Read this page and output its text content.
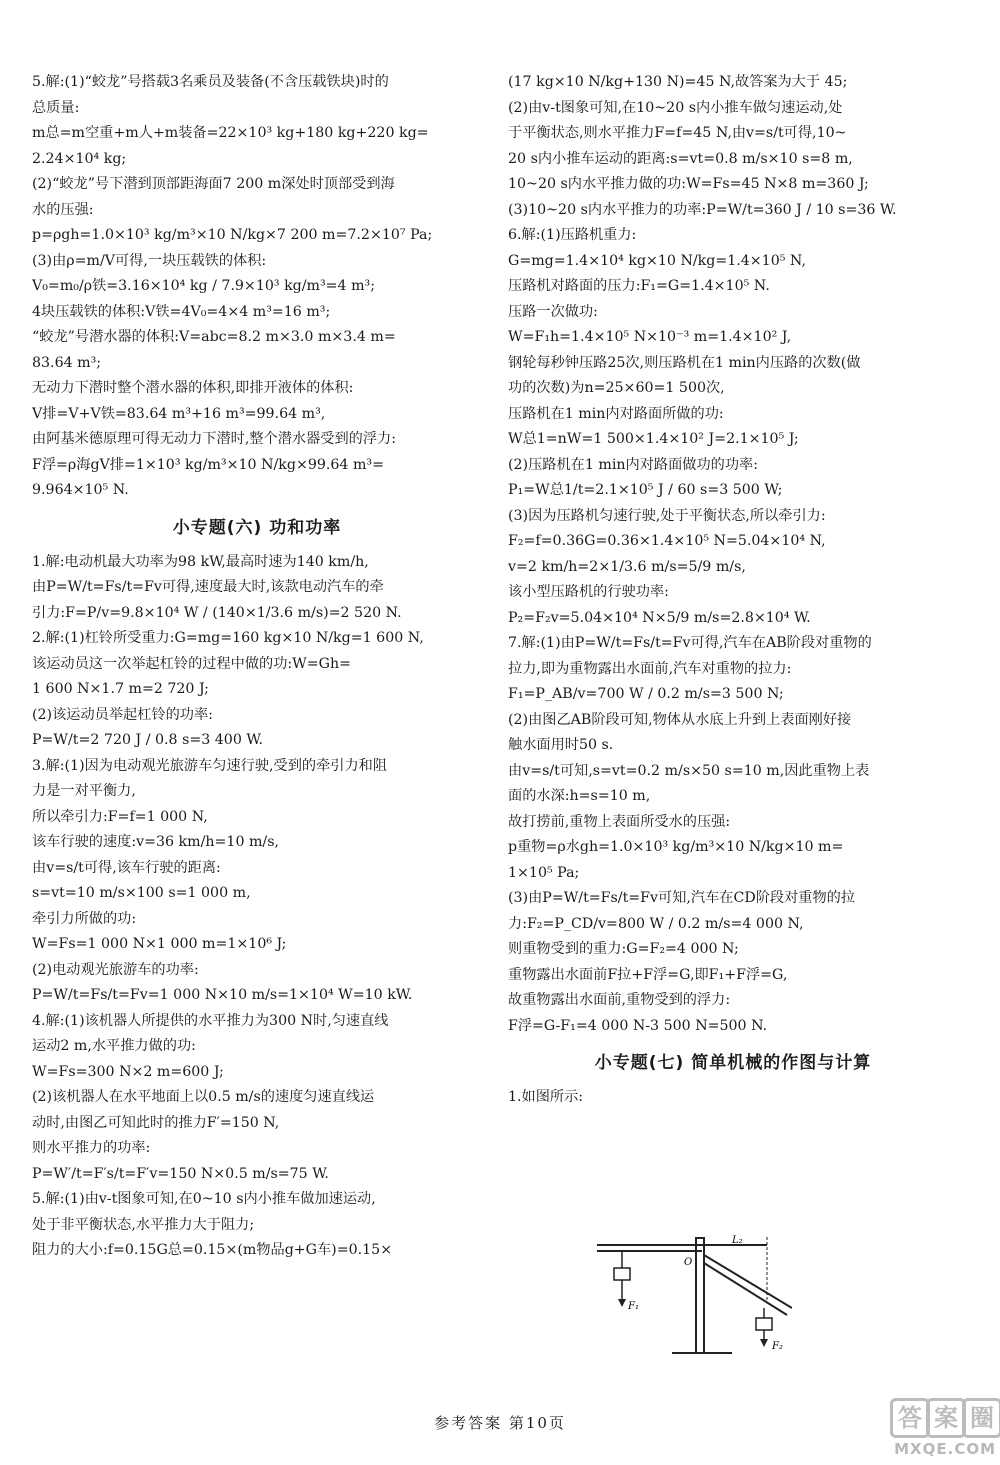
5.解:(1)“蛟龙”号搭载3名乘员及装备(不含压载铁块)时的
总质量:
m总=m空重+m人+m装备=22×10³ kg+180 kg+220 kg=
2.24×10⁴ kg;
(2)“蛟龙”号下潜到顶部距海面7 200 m深处时顶部受到海
水的压强:
p=ρgh=1.0×10³ kg/m³×10 N/kg×7 200 m=7.2×10⁷ Pa;
(3)由ρ=m/V可得,一块压载铁的体积:
V₀=m₀/ρ铁=3.16×10⁴ kg / 7.9×10³ kg/m³=4 m³;
4块压载铁的体积:V铁=4V₀=4×4 m³=16 m³;
“蛟龙”号潜水器的体积:V=abc=8.2 m×3.0 m×3.4 m=
83.64 m³;
无动力下潜时整个潜水器的体积,即排开液体的体积:
V排=V+V铁=83.64 m³+16 m³=99.64 m³,
由阿基米德原理可得无动力下潜时,整个潜水器受到的浮力:
F浮=ρ海gV排=1×10³ kg/m³×10 N/kg×99.64 m³=
9.964×10⁵ N.
小专题(六) 功和功率
1.解:电动机最大功率为98 kW,最高时速为140 km/h,
由P=W/t=Fs/t=Fv可得,速度最大时,该款电动汽车的牵
引力:F=P/v=9.8×10⁴ W / (140×1/3.6 m/s)=2 520 N.
2.解:(1)杠铃所受重力:G=mg=160 kg×10 N/kg=1 600 N,
该运动员这一次举起杠铃的过程中做的功:W=Gh=
1 600 N×1.7 m=2 720 J;
(2)该运动员举起杠铃的功率:
P=W/t=2 720 J / 0.8 s=3 400 W.
3.解:(1)因为电动观光旅游车匀速行驶,受到的牵引力和阻
力是一对平衡力,
所以牵引力:F=f=1 000 N,
该车行驶的速度:v=36 km/h=10 m/s,
由v=s/t可得,该车行驶的距离:
s=vt=10 m/s×100 s=1 000 m,
牵引力所做的功:
W=Fs=1 000 N×1 000 m=1×10⁶ J;
(2)电动观光旅游车的功率:
P=W/t=Fs/t=Fv=1 000 N×10 m/s=1×10⁴ W=10 kW.
4.解:(1)该机器人所提供的水平推力为300 N时,匀速直线
运动2 m,水平推力做的功:
W=Fs=300 N×2 m=600 J;
(2)该机器人在水平地面上以0.5 m/s的速度匀速直线运
动时,由图乙可知此时的推力F′=150 N,
则水平推力的功率:
P=W′/t=F′s/t=F′v=150 N×0.5 m/s=75 W.
5.解:(1)由v-t图象可知,在0~10 s内小推车做加速运动,
处于非平衡状态,水平推力大于阻力;
阻力的大小:f=0.15G总=0.15×(m物品g+G车)=0.15×
(17 kg×10 N/kg+130 N)=45 N,故答案为大于 45;
(2)由v-t图象可知,在10~20 s内小推车做匀速运动,处
于平衡状态,则水平推力F=f=45 N,由v=s/t可得,10~
20 s内小推车运动的距离:s=vt=0.8 m/s×10 s=8 m,
10~20 s内水平推力做的功:W=Fs=45 N×8 m=360 J;
(3)10~20 s内水平推力的功率:P=W/t=360 J / 10 s=36 W.
6.解:(1)压路机重力:
G=mg=1.4×10⁴ kg×10 N/kg=1.4×10⁵ N,
压路机对路面的压力:F₁=G=1.4×10⁵ N.
压路一次做功:
W=F₁h=1.4×10⁵ N×10⁻³ m=1.4×10² J,
钢轮每秒钟压路25次,则压路机在1 min内压路的次数(做
功的次数)为n=25×60=1 500次,
压路机在1 min内对路面所做的功:
W总1=nW=1 500×1.4×10² J=2.1×10⁵ J;
(2)压路机在1 min内对路面做功的功率:
P₁=W总1/t=2.1×10⁵ J / 60 s=3 500 W;
(3)因为压路机匀速行驶,处于平衡状态,所以牵引力:
F₂=f=0.36G=0.36×1.4×10⁵ N=5.04×10⁴ N,
v=2 km/h=2×1/3.6 m/s=5/9 m/s,
该小型压路机的行驶功率:
P₂=F₂v=5.04×10⁴ N×5/9 m/s=2.8×10⁴ W.
7.解:(1)由P=W/t=Fs/t=Fv可得,汽车在AB阶段对重物的
拉力,即为重物露出水面前,汽车对重物的拉力:
F₁=P_AB/v=700 W / 0.2 m/s=3 500 N;
(2)由图乙AB阶段可知,物体从水底上升到上表面刚好接
触水面用时50 s.
由v=s/t可知,s=vt=0.2 m/s×50 s=10 m,因此重物上表
面的水深:h=s=10 m,
故打捞前,重物上表面所受水的压强:
p重物=ρ水gh=1.0×10³ kg/m³×10 N/kg×10 m=
1×10⁵ Pa;
(3)由P=W/t=Fs/t=Fv可知,汽车在CD阶段对重物的拉
力:F₂=P_CD/v=800 W / 0.2 m/s=4 000 N,
则重物受到的重力:G=F₂=4 000 N;
重物露出水面前F拉+F浮=G,即F₁+F浮=G,
故重物露出水面前,重物受到的浮力:
F浮=G-F₁=4 000 N-3 500 N=500 N.
小专题(七) 简单机械的作图与计算
1.如图所示:
L₂
O
F₁
F₂
参考答案 第10页	答 案 圈
MXQE.COM
